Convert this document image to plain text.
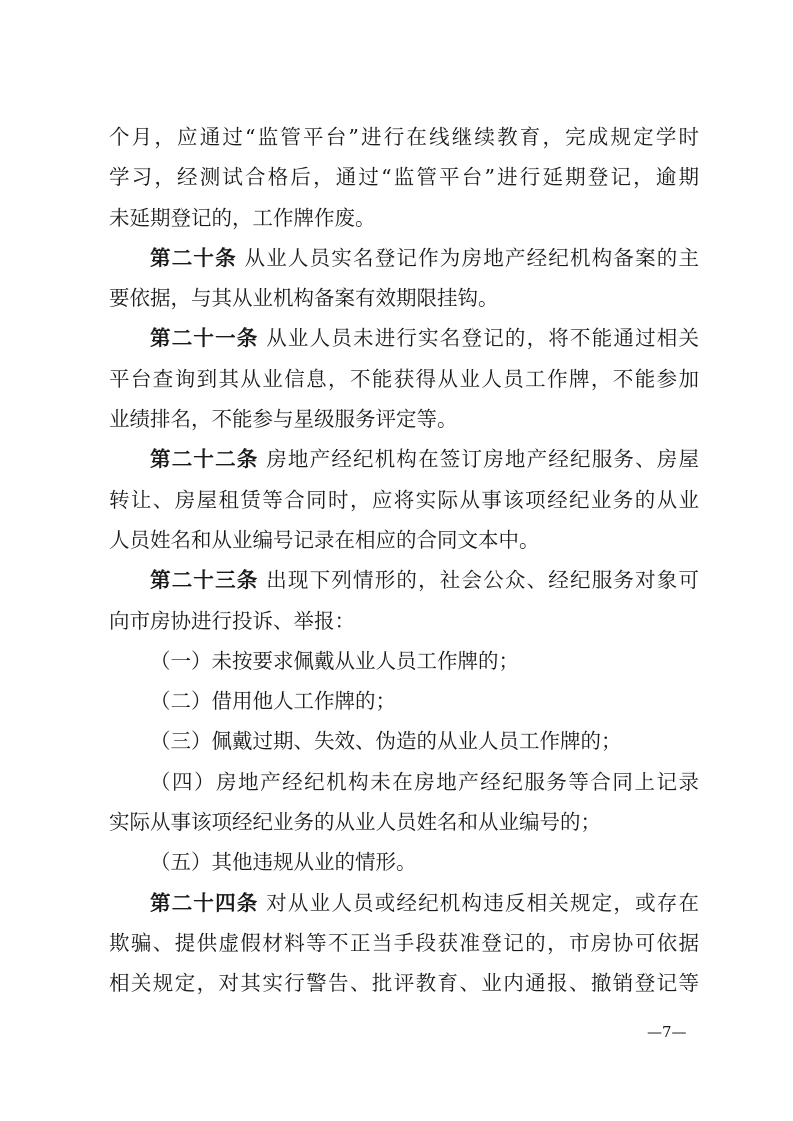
个月，应通过“监管平台”进行在线继续教育，完成规定学时
学习，经测试合格后，通过“监管平台”进行延期登记，逾期
未延期登记的，工作牌作废。
第二十条 从业人员实名登记作为房地产经纪机构备案的主
要依据，与其从业机构备案有效期限挂钩。
第二十一条 从业人员未进行实名登记的，将不能通过相关
平台查询到其从业信息，不能获得从业人员工作牌，不能参加
业绩排名，不能参与星级服务评定等。
第二十二条 房地产经纪机构在签订房地产经纪服务、房屋
转让、房屋租赁等合同时，应将实际从事该项经纪业务的从业
人员姓名和从业编号记录在相应的合同文本中。
第二十三条 出现下列情形的，社会公众、经纪服务对象可
向市房协进行投诉、举报：
（一）未按要求佩戴从业人员工作牌的；
（二）借用他人工作牌的；
（三）佩戴过期、失效、伪造的从业人员工作牌的；
（四）房地产经纪机构未在房地产经纪服务等合同上记录
实际从事该项经纪业务的从业人员姓名和从业编号的；
（五）其他违规从业的情形。
第二十四条 对从业人员或经纪机构违反相关规定，或存在
欺骗、提供虚假材料等不正当手段获准登记的，市房协可依据
相关规定，对其实行警告、批评教育、业内通报、撤销登记等
—7—
